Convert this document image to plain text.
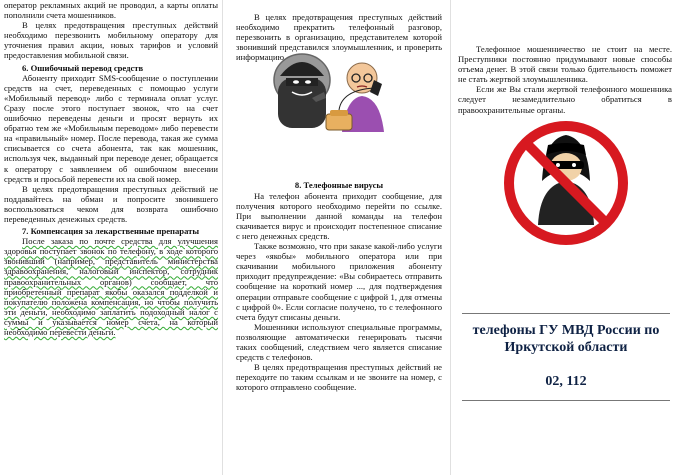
оператор рекламных акций не проводил, а карты оплаты пополнили счета мошенников.

В целях предотвращения преступных действий необходимо перезвонить мобильному оператору для уточнения правил акции, новых тарифов и условий предоставления мобильной связи.

6. Ошибочный перевод средств

Абоненту приходит SMS-сообщение о поступлении средств на счет, переведенных с помощью услуги «Мобильный перевод» либо с терминала оплат услуг. Сразу после этого поступает звонок, что на счет ошибочно переведены деньги и просят вернуть их обратно тем же «Мобильным переводом» либо перевести на «правильный» номер. После перевода, такая же сумма списывается со счета абонента, так как мошенник, используя чек, выданный при переводе денег, обращается к оператору с заявлением об ошибочном внесении средств и просьбой перевести их на свой номер.

В целях предотвращения преступных действий не поддавайтесь на обман и попросите звонившего воспользоваться чеком для возврата ошибочно переведенных денежных средств.

7. Компенсация за лекарственные препараты

После заказа по почте средства для улучшения здоровья поступает звонок по телефону, в ходе которого звонивший (например, представитель министерства здравоохранения, налоговый инспектор, сотрудник правоохранительных органов) сообщает, что приобретенный препарат якобы оказался подделкой и покупателю положена компенсация, но чтобы получить эти деньги, необходимо заплатить подоходный налог с суммы и указывается номер счета, на который необходимо перевести деньги.

В целях предотвращения преступных действий необходимо прекратить телефонный разговор, перезвонить в организацию, представителем которой звонивший представился злоумышленник, и проверить информацию.

8. Телефонные вирусы

На телефон абонента приходит сообщение, для получения которого необходимо перейти по ссылке. При выполнении данной команды на телефон скачивается вирус и происходит постепенное списание с него денежных средств.

Также возможно, что при заказе какой-либо услуги через «якобы» мобильного оператора или при скачивании мобильного приложения абоненту приходит предупреждение: «Вы собираетесь отправить сообщение на короткий номер ..., для подтверждения операции отправьте сообщение с цифрой 1, для отмены с цифрой 0». Если согласие получено, то с телефонного счета будут списаны деньги.

Мошенники используют специальные программы, позволяющие автоматически генерировать тысячи таких сообщений, следствием чего является списание средств с телефонов.

В целях предотвращения преступных действий не переходите по таким ссылкам и не звоните на номер, с которого отправлено сообщение.

Телефонное мошенничество не стоит на месте. Преступники постоянно придумывают новые способы отъема денег. В этой связи только бдительность поможет не стать жертвой злоумышленника.

Если же Вы стали жертвой телефонного мошенника следует незамедлительно обратиться в правоохранительные органы.

телефоны ГУ МВД России по Иркутской области
02, 112
